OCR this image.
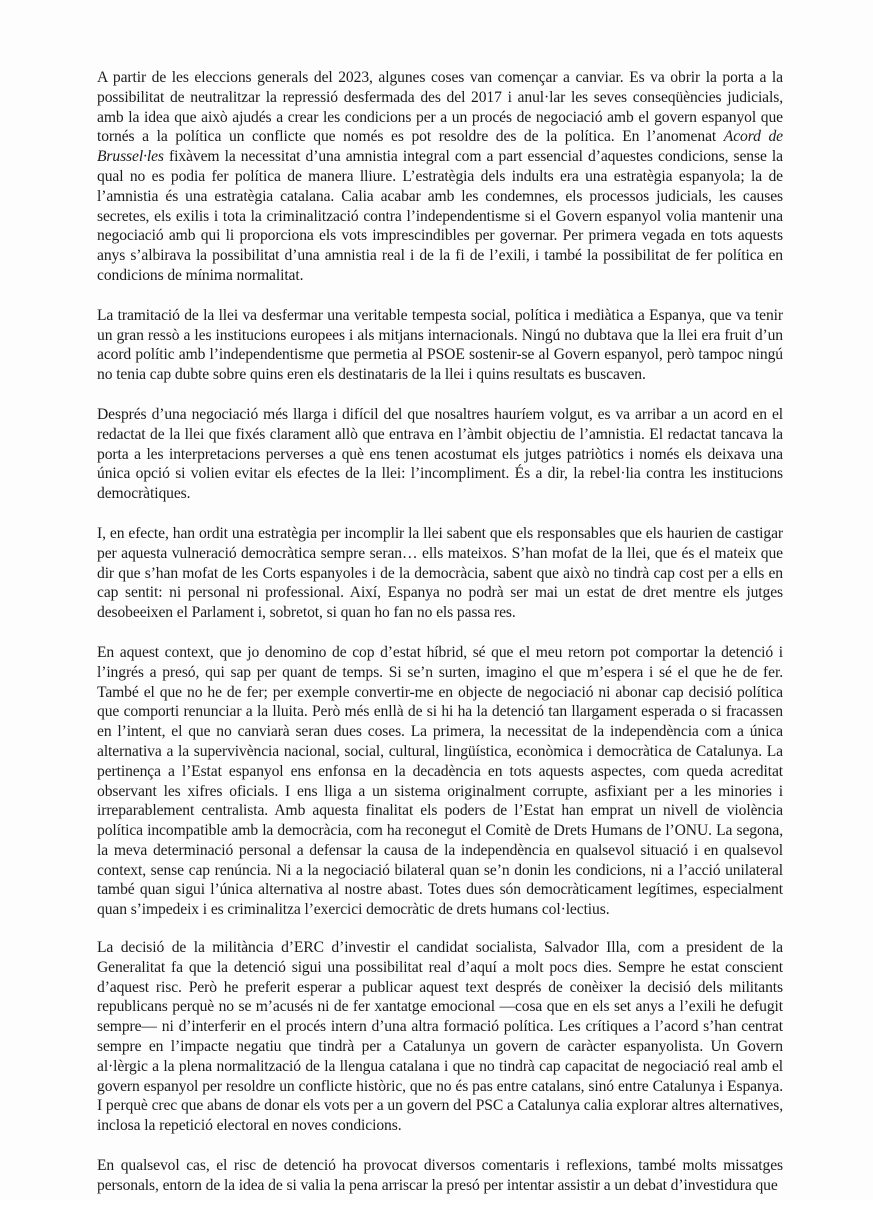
A partir de les eleccions generals del 2023, algunes coses van començar a canviar. Es va obrir la porta a la possibilitat de neutralitzar la repressió desfermada des del 2017 i anul·lar les seves conseqüències judicials, amb la idea que això ajudés a crear les condicions per a un procés de negociació amb el govern espanyol que tornés a la política un conflicte que només es pot resoldre des de la política. En l’anomenat Acord de Brussel·les fixàvem la necessitat d’una amnistia integral com a part essencial d’aquestes condicions, sense la qual no es podia fer política de manera lliure. L’estratègia dels indults era una estratègia espanyola; la de l’amnistia és una estratègia catalana. Calia acabar amb les condemnes, els processos judicials, les causes secretes, els exilis i tota la criminalització contra l’independentisme si el Govern espanyol volia mantenir una negociació amb qui li proporciona els vots imprescindibles per governar. Per primera vegada en tots aquests anys s’albirava la possibilitat d’una amnistia real i de la fi de l’exili, i també la possibilitat de fer política en condicions de mínima normalitat.

La tramitació de la llei va desfermar una veritable tempesta social, política i mediàtica a Espanya, que va tenir un gran ressò a les institucions europees i als mitjans internacionals. Ningú no dubtava que la llei era fruit d’un acord polític amb l’independentisme que permetia al PSOE sostenir-se al Govern espanyol, però tampoc ningú no tenia cap dubte sobre quins eren els destinataris de la llei i quins resultats es buscaven.

Després d’una negociació més llarga i difícil del que nosaltres hauríem volgut, es va arribar a un acord en el redactat de la llei que fixés clarament allò que entrava en l’àmbit objectiu de l’amnistia. El redactat tancava la porta a les interpretacions perverses a què ens tenen acostumat els jutges patriòtics i només els deixava una única opció si volien evitar els efectes de la llei: l’incompliment. És a dir, la rebel·lia contra les institucions democràtiques.

I, en efecte, han ordit una estratègia per incomplir la llei sabent que els responsables que els haurien de castigar per aquesta vulneració democràtica sempre seran… ells mateixos. S’han mofat de la llei, que és el mateix que dir que s’han mofat de les Corts espanyoles i de la democràcia, sabent que això no tindrà cap cost per a ells en cap sentit: ni personal ni professional. Així, Espanya no podrà ser mai un estat de dret mentre els jutges desobeeixen el Parlament i, sobretot, si quan ho fan no els passa res.

En aquest context, que jo denomino de cop d’estat híbrid, sé que el meu retorn pot comportar la detenció i l’ingrés a presó, qui sap per quant de temps. Si se’n surten, imagino el que m’espera i sé el que he de fer. També el que no he de fer; per exemple convertir-me en objecte de negociació ni abonar cap decisió política que comporti renunciar a la lluita. Però més enllà de si hi ha la detenció tan llargament esperada o si fracassen en l’intent, el que no canviarà seran dues coses. La primera, la necessitat de la independència com a única alternativa a la supervivència nacional, social, cultural, lingüística, econòmica i democràtica de Catalunya. La pertinença a l’Estat espanyol ens enfonsa en la decadència en tots aquests aspectes, com queda acreditat observant les xifres oficials. I ens lliga a un sistema originalment corrupte, asfixiant per a les minories i irreparablement centralista. Amb aquesta finalitat els poders de l’Estat han emprat un nivell de violència política incompatible amb la democràcia, com ha reconegut el Comitè de Drets Humans de l’ONU. La segona, la meva determinació personal a defensar la causa de la independència en qualsevol situació i en qualsevol context, sense cap renúncia. Ni a la negociació bilateral quan se’n donin les condicions, ni a l’acció unilateral també quan sigui l’única alternativa al nostre abast. Totes dues són democràticament legítimes, especialment quan s’impedeix i es criminalitza l’exercici democràtic de drets humans col·lectius.

La decisió de la militància d’ERC d’investir el candidat socialista, Salvador Illa, com a president de la Generalitat fa que la detenció sigui una possibilitat real d’aquí a molt pocs dies. Sempre he estat conscient d’aquest risc. Però he preferit esperar a publicar aquest text després de conèixer la decisió dels militants republicans perquè no se m’acusés ni de fer xantatge emocional —cosa que en els set anys a l’exili he defugit sempre— ni d’interferir en el procés intern d’una altra formació política. Les crítiques a l’acord s’han centrat sempre en l’impacte negatiu que tindrà per a Catalunya un govern de caràcter espanyolista. Un Govern al·lèrgic a la plena normalització de la llengua catalana i que no tindrà cap capacitat de negociació real amb el govern espanyol per resoldre un conflicte històric, que no és pas entre catalans, sinó entre Catalunya i Espanya. I perquè crec que abans de donar els vots per a un govern del PSC a Catalunya calia explorar altres alternatives, inclosa la repetició electoral en noves condicions.

En qualsevol cas, el risc de detenció ha provocat diversos comentaris i reflexions, també molts missatges personals, entorn de la idea de si valia la pena arriscar la presó per intentar assistir a un debat d’investidura que
